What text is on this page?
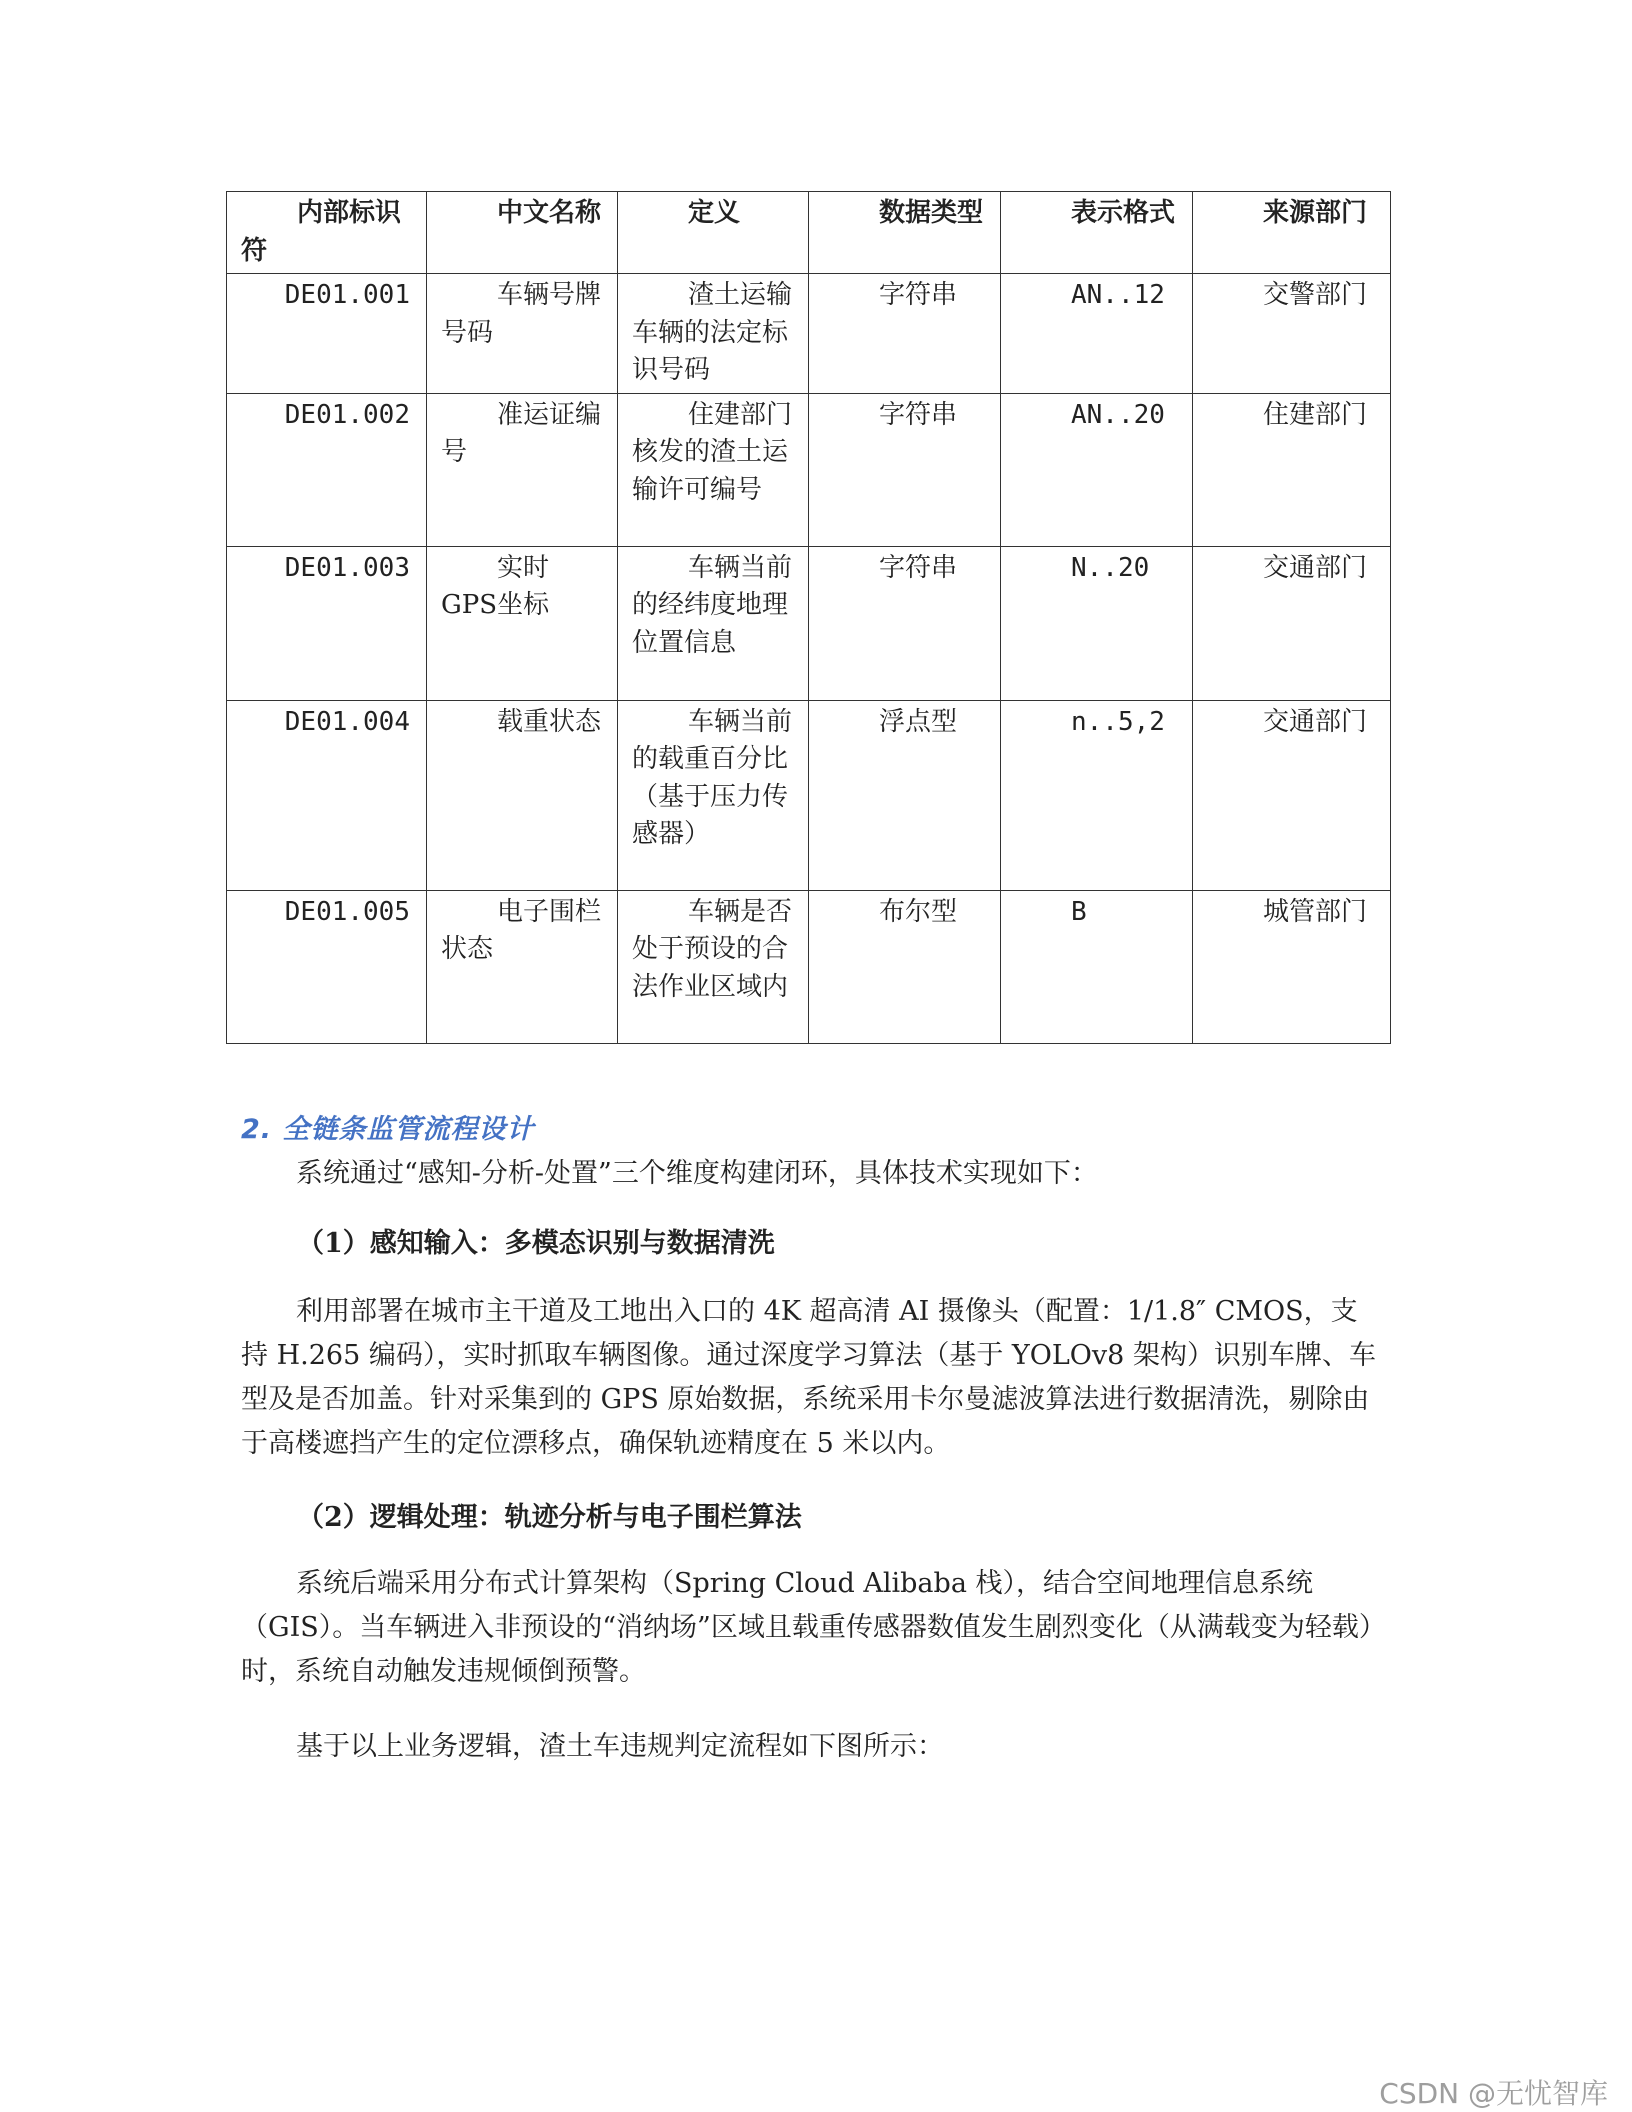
内部标识符	中文名称	定义	数据类型	表示格式	来源部门
DE01.001	车辆号牌号码	渣土运输车辆的法定标识号码	字符串	AN..12	交警部门
DE01.002	准运证编号	住建部门核发的渣土运输许可编号	字符串	AN..20	住建部门
DE01.003	实时GPS坐标	车辆当前的经纬度地理位置信息	字符串	N..20	交通部门
DE01.004	载重状态	车辆当前的载重百分比（基于压力传感器）	浮点型	n..5,2	交通部门
DE01.005	电子围栏状态	车辆是否处于预设的合法作业区域内	布尔型	B	城管部门
2. 全链条监管流程设计

系统通过“感知-分析-处置”三个维度构建闭环，具体技术实现如下：

（1）感知输入：多模态识别与数据清洗

利用部署在城市主干道及工地出入口的 4K 超高清 AI 摄像头（配置：1/1.8″ CMOS，支持 H.265 编码），实时抓取车辆图像。通过深度学习算法（基于 YOLOv8 架构）识别车牌、车型及是否加盖。针对采集到的 GPS 原始数据，系统采用卡尔曼滤波算法进行数据清洗，剔除由于高楼遮挡产生的定位漂移点，确保轨迹精度在 5 米以内。

（2）逻辑处理：轨迹分析与电子围栏算法

系统后端采用分布式计算架构（Spring Cloud Alibaba 栈），结合空间地理信息系统（GIS）。当车辆进入非预设的“消纳场”区域且载重传感器数值发生剧烈变化（从满载变为轻载）时，系统自动触发违规倾倒预警。

基于以上业务逻辑，渣土车违规判定流程如下图所示：

CSDN @无忧智库
